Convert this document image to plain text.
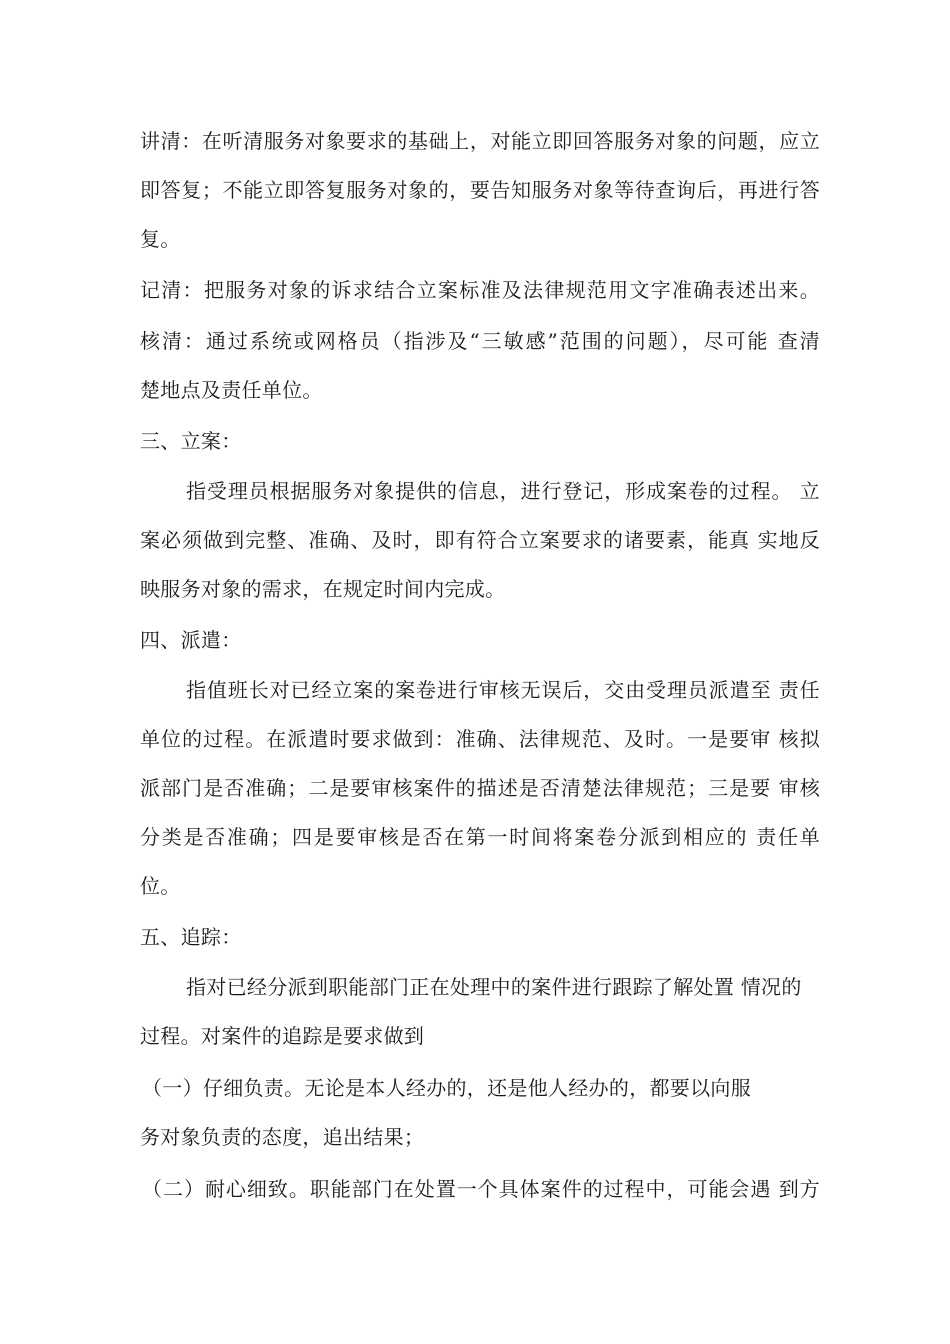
讲清：在听清服务对象要求的基础上，对能立即回答服务对象的问题，应立
即答复；不能立即答复服务对象的，要告知服务对象等待查询后，再进行答
复。
记清：把服务对象的诉求结合立案标准及法律规范用文字准确表述出来。
核清：通过系统或网格员（指涉及“三敏感”范围的问题），尽可能 查清
楚地点及责任单位。
三、立案：
指受理员根据服务对象提供的信息，进行登记，形成案卷的过程。 立
案必须做到完整、准确、及时，即有符合立案要求的诸要素，能真 实地反
映服务对象的需求，在规定时间内完成。
四、派遣：
指值班长对已经立案的案卷进行审核无误后，交由受理员派遣至 责任
单位的过程。在派遣时要求做到：准确、法律规范、及时。一是要审 核拟
派部门是否准确；二是要审核案件的描述是否清楚法律规范；三是要 审核
分类是否准确；四是要审核是否在第一时间将案卷分派到相应的 责任单
位。
五、追踪：
指对已经分派到职能部门正在处理中的案件进行跟踪了解处置 情况的
过程。对案件的追踪是要求做到
（一）仔细负责。无论是本人经办的，还是他人经办的，都要以向服
务对象负责的态度，追出结果；
（二）耐心细致。职能部门在处置一个具体案件的过程中，可能会遇 到方
